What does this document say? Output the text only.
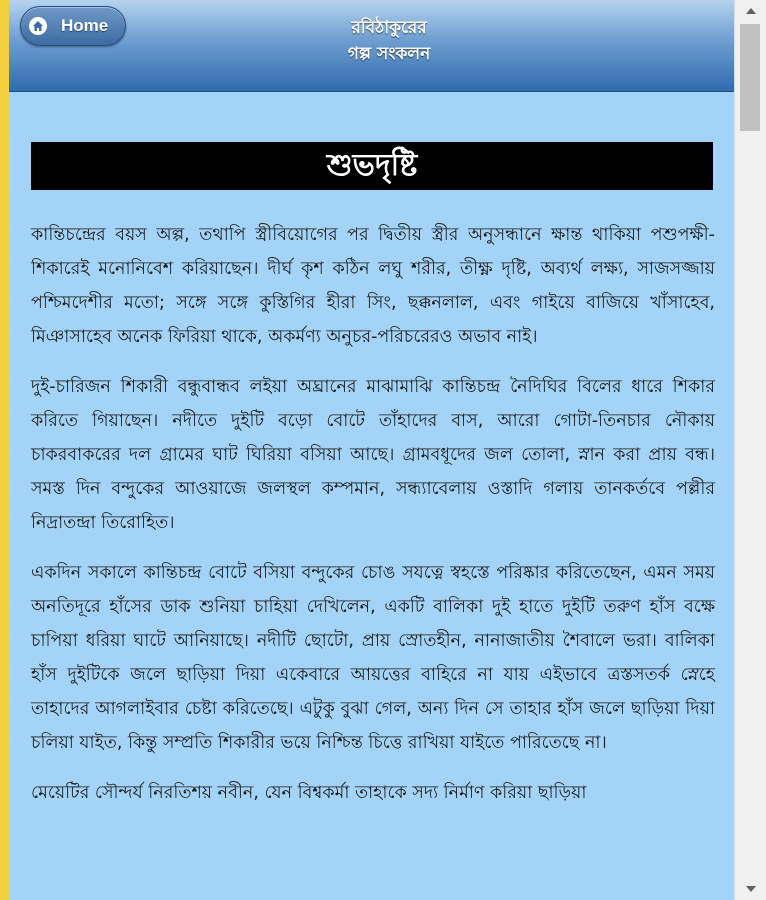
Home	রবিঠাকুরের
গল্প সংকলন
শুভদৃষ্টি

কান্তিচন্দ্রের বয়স অল্প, তথাপি স্ত্রীবিয়োগের পর দ্বিতীয় স্ত্রীর অনুসন্ধানে ক্ষান্ত থাকিয়া পশুপক্ষী-শিকারেই মনোনিবেশ করিয়াছেন। দীর্ঘ কৃশ কঠিন লঘু শরীর, তীক্ষ্ণ দৃষ্টি, অব্যর্থ লক্ষ্য, সাজসজ্জায় পশ্চিমদেশীর মতো; সঙ্গে সঙ্গে কুস্তিগির হীরা সিং, ছক্কনলাল, এবং গাইয়ে বাজিয়ে খাঁসাহেব, মিঞাসাহেব অনেক ফিরিয়া থাকে, অকর্মণ্য অনুচর-পরিচরেরও অভাব নাই।

দুই-চারিজন শিকারী বন্ধুবান্ধব লইয়া অঘ্রানের মাঝামাঝি কান্তিচন্দ্র নৈদিঘির বিলের ধারে শিকার করিতে গিয়াছেন। নদীতে দুইটি বড়ো বোটে তাঁহাদের বাস, আরো গোটা-তিনচার নৌকায় চাকরবাকরের দল গ্রামের ঘাট ঘিরিয়া বসিয়া আছে। গ্রামবধূদের জল তোলা, স্নান করা প্রায় বন্ধ। সমস্ত দিন বন্দুকের আওয়াজে জলস্থল কম্পমান, সন্ধ্যাবেলায় ওস্তাদি গলায় তানকর্তবে পল্লীর নিদ্রাতন্দ্রা তিরোহিত।

একদিন সকালে কান্তিচন্দ্র বোটে বসিয়া বন্দুকের চোঙ সযত্নে স্বহস্তে পরিষ্কার করিতেছেন, এমন সময় অনতিদূরে হাঁসের ডাক শুনিয়া চাহিয়া দেখিলেন, একটি বালিকা দুই হাতে দুইটি তরুণ হাঁস বক্ষে চাপিয়া ধরিয়া ঘাটে আনিয়াছে। নদীটি ছোটো, প্রায় স্রোতহীন, নানাজাতীয় শৈবালে ভরা। বালিকা হাঁস দুইটিকে জলে ছাড়িয়া দিয়া একেবারে আয়ত্তের বাহিরে না যায় এইভাবে ত্রস্তসতর্ক স্নেহে তাহাদের আগলাইবার চেষ্টা করিতেছে। এটুকু বুঝা গেল, অন্য দিন সে তাহার হাঁস জলে ছাড়িয়া দিয়া চলিয়া যাইত, কিন্তু সম্প্রতি শিকারীর ভয়ে নিশ্চিন্ত চিত্তে রাখিয়া যাইতে পারিতেছে না।

মেয়েটির সৌন্দর্য নিরতিশয় নবীন, যেন বিশ্বকর্মা তাহাকে সদ্য নির্মাণ করিয়া ছাড়িয়া
